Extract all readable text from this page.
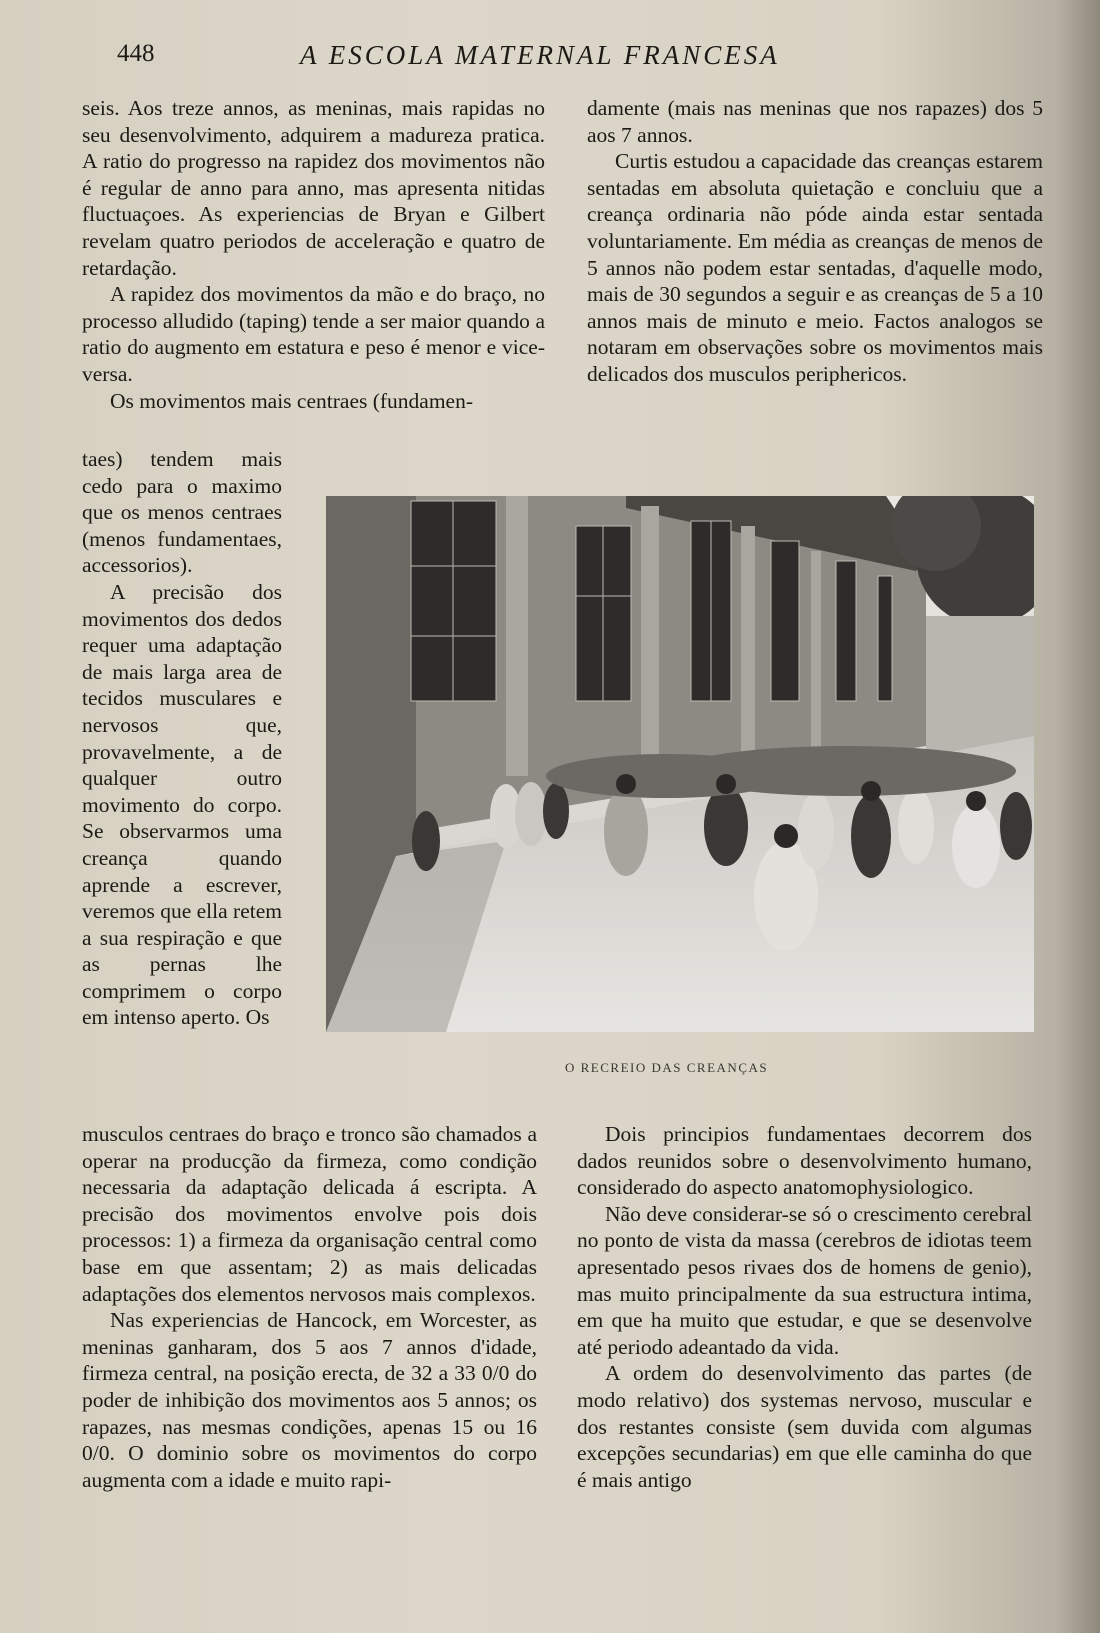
448	A ESCOLA MATERNAL FRANCESA

seis. Aos treze annos, as meninas, mais rapidas no seu desenvolvimento, adquirem a madureza pratica. A ratio do progresso na rapidez dos movimentos não é regular de anno para anno, mas apresenta nitidas fluctuaçoes. As experiencias de Bryan e Gilbert revelam quatro periodos de acceleração e quatro de retardação.

A rapidez dos movimentos da mão e do braço, no processo alludido (taping) tende a ser maior quando a ratio do augmento em estatura e peso é menor e vice-versa.

Os movimentos mais centraes (fundamen-

taes) tendem mais cedo para o maximo que os menos centraes (menos fundamentaes, accessorios).

A precisão dos movimentos dos dedos requer uma adaptação de mais larga area de tecidos musculares e nervosos que, provavelmente, a de qualquer outro movimento do corpo. Se observarmos uma creança quando aprende a escrever, veremos que ella retem a sua respiração e que as pernas lhe comprimem o corpo em intenso aperto. Os

damente (mais nas meninas que nos rapazes) dos 5 aos 7 annos.

Curtis estudou a capacidade das creanças estarem sentadas em absoluta quietação e concluiu que a creança ordinaria não póde ainda estar sentada voluntariamente. Em média as creanças de menos de 5 annos não podem estar sentadas, d'aquelle modo, mais de 30 segundos a seguir e as creanças de 5 a 10 annos mais de minuto e meio. Factos analogos se notaram em observações sobre os movimentos mais delicados dos musculos periphericos.

O RECREIO DAS CREANÇAS

musculos centraes do braço e tronco são chamados a operar na producção da firmeza, como condição necessaria da adaptação delicada á escripta. A precisão dos movimentos envolve pois dois processos: 1) a firmeza da organisação central como base em que assentam; 2) as mais delicadas adaptações dos elementos nervosos mais complexos.

Nas experiencias de Hancock, em Worcester, as meninas ganharam, dos 5 aos 7 annos d'idade, firmeza central, na posição erecta, de 32 a 33 0/0 do poder de inhibição dos movimentos aos 5 annos; os rapazes, nas mesmas condições, apenas 15 ou 16 0/0. O dominio sobre os movimentos do corpo augmenta com a idade e muito rapi-

Dois principios fundamentaes decorrem dos dados reunidos sobre o desenvolvimento humano, considerado do aspecto anatomophysiologico.

Não deve considerar-se só o crescimento cerebral no ponto de vista da massa (cerebros de idiotas teem apresentado pesos rivaes dos de homens de genio), mas muito principalmente da sua estructura intima, em que ha muito que estudar, e que se desenvolve até periodo adeantado da vida.

A ordem do desenvolvimento das partes (de modo relativo) dos systemas nervoso, muscular e dos restantes consiste (sem duvida com algumas excepções secundarias) em que elle caminha do que é mais antigo
